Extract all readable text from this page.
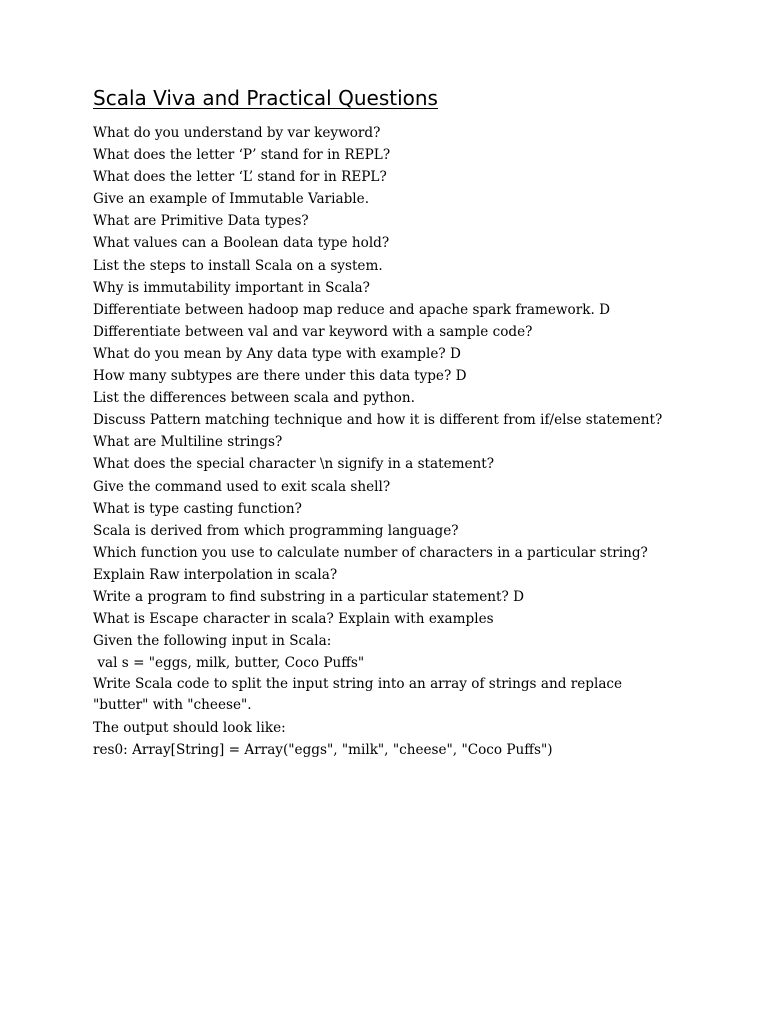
Scala Viva and Practical Questions
What do you understand by var keyword?
What does the letter ‘P’ stand for in REPL?
What does the letter ‘L’ stand for in REPL?
Give an example of Immutable Variable.
What are Primitive Data types?
What values can a Boolean data type hold?
List the steps to install Scala on a system.
Why is immutability important in Scala?
Differentiate between hadoop map reduce and apache spark framework. D
Differentiate between val and var keyword with a sample code?
What do you mean by Any data type with example? D
How many subtypes are there under this data type? D
List the differences between scala and python.
Discuss Pattern matching technique and how it is different from if/else statement?
What are Multiline strings?
What does the special character \n signify in a statement?
Give the command used to exit scala shell?
What is type casting function?
Scala is derived from which programming language?
Which function you use to calculate number of characters in a particular string?
Explain Raw interpolation in scala?
Write a program to find substring in a particular statement? D
What is Escape character in scala? Explain with examples
Given the following input in Scala:
val s = "eggs, milk, butter, Coco Puffs"
Write Scala code to split the input string into an array of strings and replace "butter" with "cheese".
The output should look like:
res0: Array[String] = Array("eggs", "milk", "cheese", "Coco Puffs")
